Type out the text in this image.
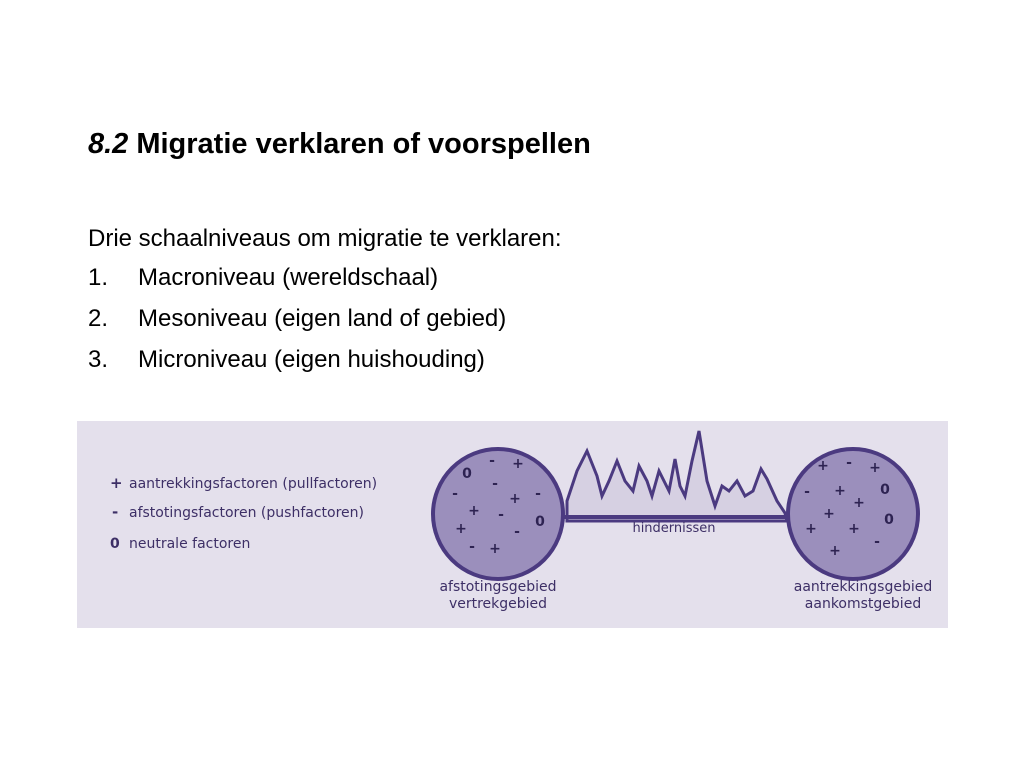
8.2 Migratie verklaren of voorspellen
Drie schaalniveaus om migratie te verklaren:
1. Macroniveau (wereldschaal)
2. Mesoniveau (eigen land of gebied)
3. Microniveau (eigen huishouding)
+ aantrekkingsfactoren (pullfactoren)
- afstotingsfactoren (pushfactoren)
0 neutrale factoren
hindernissen
0
- +
-
-	+ -
+ -
+	0
-
+
-
afstotingsgebied
vertrekgebied
+ - +
- + 0
+
+	0
+ +
-
+
aantrekkingsgebied
aankomstgebied
